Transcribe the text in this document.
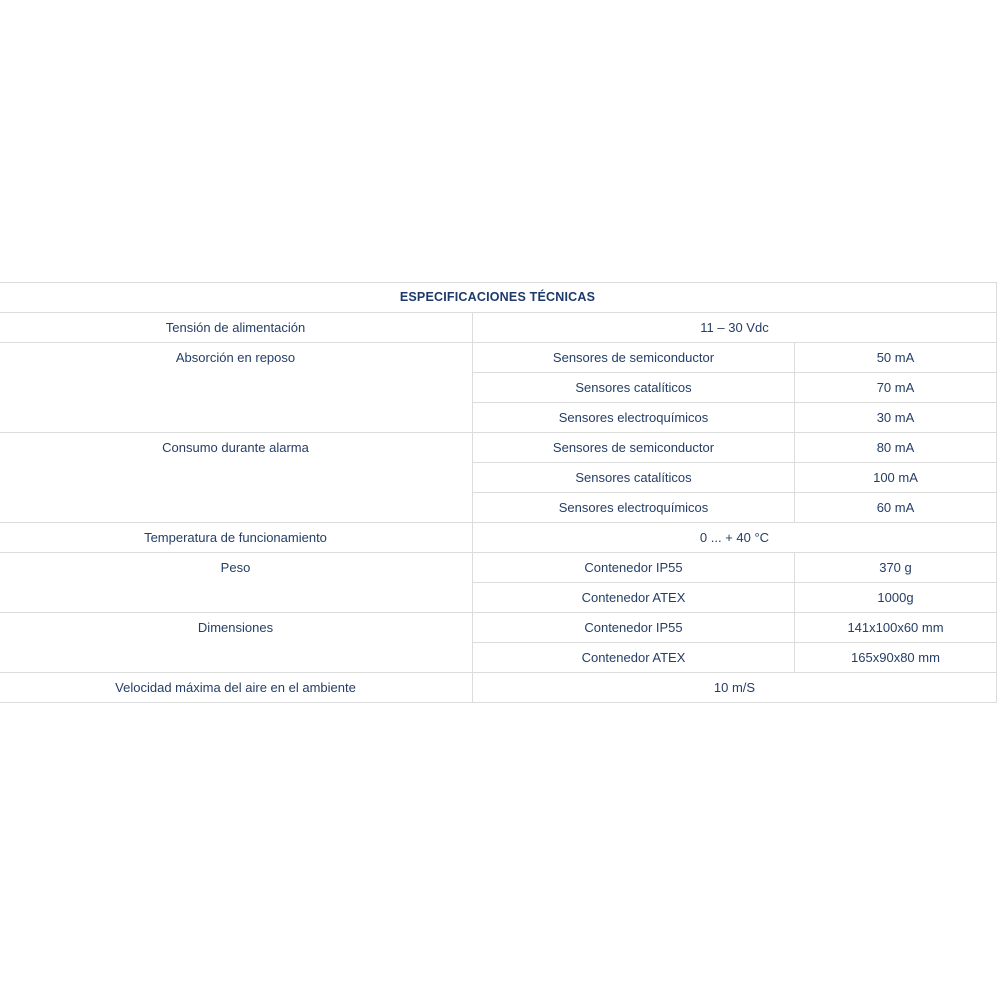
ESPECIFICACIONES TÉCNICAS		
Tensión de alimentación	11 – 30 Vdc	
Absorción en reposo	Sensores de semiconductor	50 mA
	Sensores catalíticos	70 mA
	Sensores electroquímicos	30 mA
Consumo durante alarma	Sensores de semiconductor	80 mA
	Sensores catalíticos	100 mA
	Sensores electroquímicos	60 mA
Temperatura de funcionamiento	0 ... + 40 °C	
Peso	Contenedor IP55	370 g
	Contenedor ATEX	1000g
Dimensiones	Contenedor IP55	141x100x60 mm
	Contenedor ATEX	165x90x80 mm
Velocidad máxima del aire en el ambiente	10 m/S	
